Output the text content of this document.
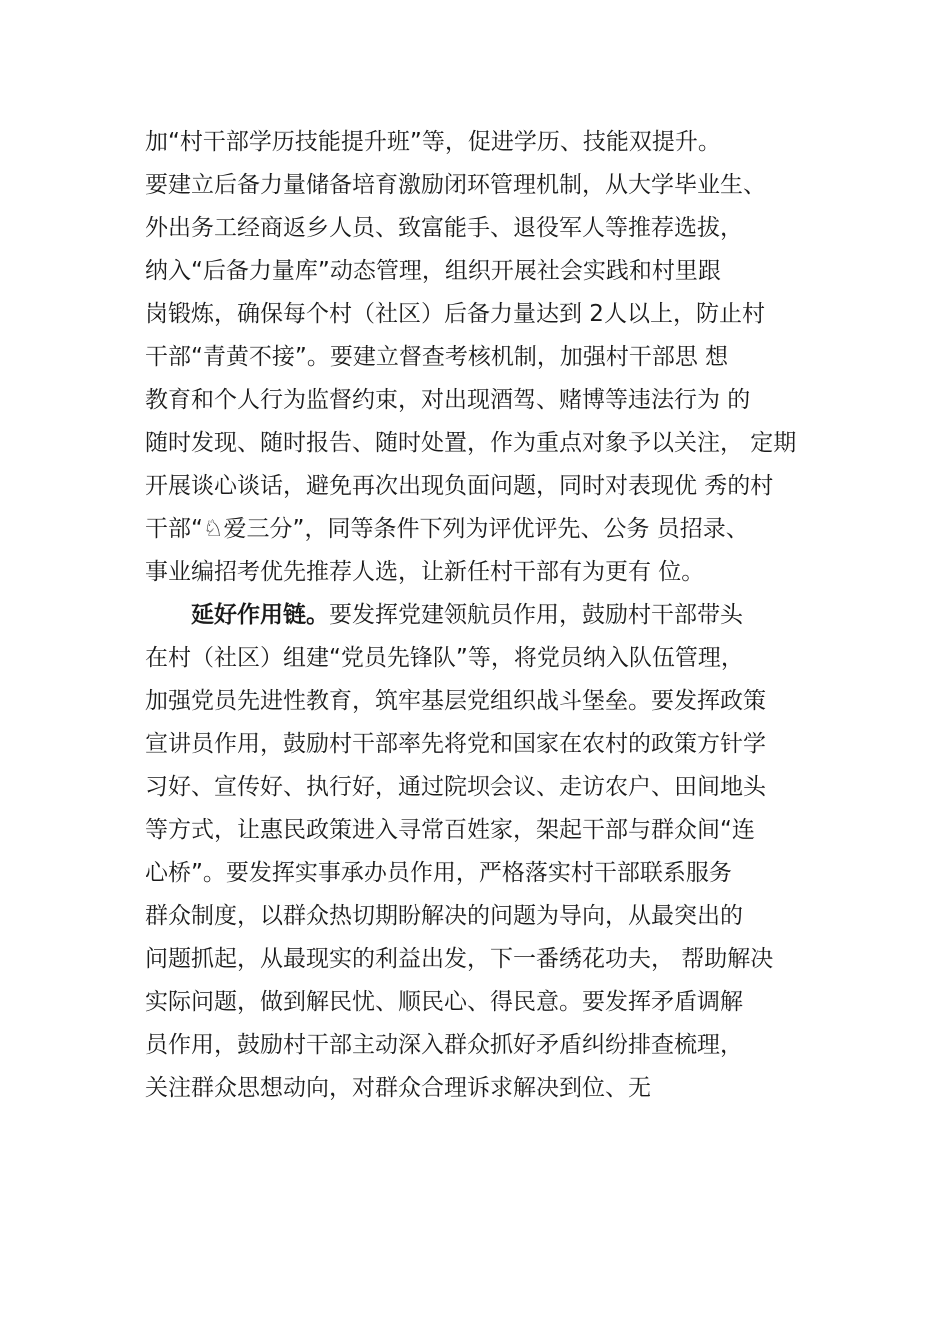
加“村干部学历技能提升班”等，促进学历、技能双提升。
要建立后备力量储备培育激励闭环管理机制，从大学毕业生、
外出务工经商返乡人员、致富能手、退役军人等推荐选拔，
纳入“后备力量库”动态管理，组织开展社会实践和村里跟
岗锻炼，确保每个村（社区）后备力量达到 2人以上，防止村
干部“青黄不接”。要建立督查考核机制，加强村干部思 想
教育和个人行为监督约束，对出现酒驾、赌博等违法行为 的
随时发现、随时报告、随时处置，作为重点对象予以关注， 定期
开展谈心谈话，避免再次出现负面问题，同时对表现优 秀的村
干部“♘爱三分”，同等条件下列为评优评先、公务 员招录、
事业编招考优先推荐人选，让新任村干部有为更有 位。
延好作用链。要发挥党建领航员作用，鼓励村干部带头
在村（社区）组建“党员先锋队”等，将党员纳入队伍管理，
加强党员先进性教育，筑牢基层党组织战斗堡垒。要发挥政策
宣讲员作用，鼓励村干部率先将党和国家在农村的政策方针学
习好、宣传好、执行好，通过院坝会议、走访农户、田间地头
等方式，让惠民政策进入寻常百姓家，架起干部与群众间“连
心桥”。要发挥实事承办员作用，严格落实村干部联系服务
群众制度，以群众热切期盼解决的问题为导向，从最突出的
问题抓起，从最现实的利益出发，下一番绣花功夫， 帮助解决
实际问题，做到解民忧、顺民心、得民意。要发挥矛盾调解
员作用，鼓励村干部主动深入群众抓好矛盾纠纷排查梳理，
关注群众思想动向，对群众合理诉求解决到位、无
